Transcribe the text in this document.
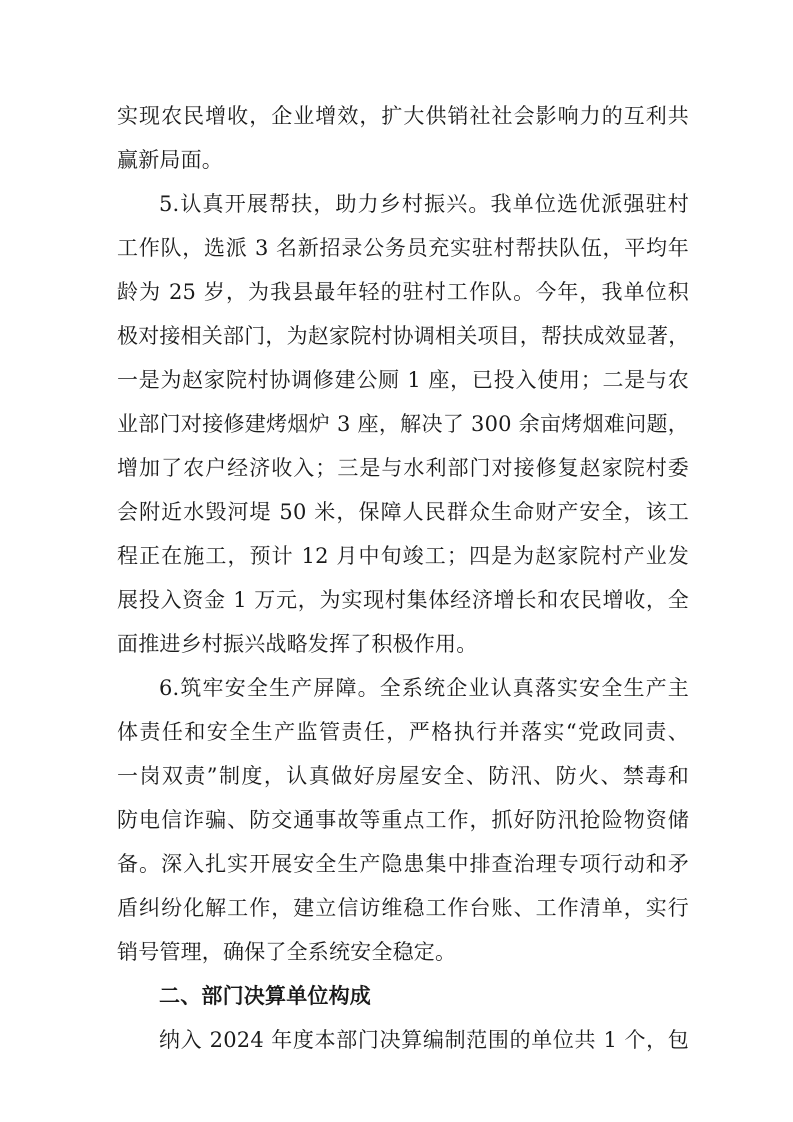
实现农民增收，企业增效，扩大供销社社会影响力的互利共
赢新局面。
5.认真开展帮扶，助力乡村振兴。我单位选优派强驻村
工作队，选派 3 名新招录公务员充实驻村帮扶队伍，平均年
龄为 25 岁，为我县最年轻的驻村工作队。今年，我单位积
极对接相关部门，为赵家院村协调相关项目，帮扶成效显著，
一是为赵家院村协调修建公厕 1 座，已投入使用；二是与农
业部门对接修建烤烟炉 3 座，解决了 300 余亩烤烟难问题，
增加了农户经济收入；三是与水利部门对接修复赵家院村委
会附近水毁河堤 50 米，保障人民群众生命财产安全，该工
程正在施工，预计 12 月中旬竣工；四是为赵家院村产业发
展投入资金 1 万元，为实现村集体经济增长和农民增收，全
面推进乡村振兴战略发挥了积极作用。
6.筑牢安全生产屏障。全系统企业认真落实安全生产主
体责任和安全生产监管责任，严格执行并落实“党政同责、
一岗双责”制度，认真做好房屋安全、防汛、防火、禁毒和
防电信诈骗、防交通事故等重点工作，抓好防汛抢险物资储
备。深入扎实开展安全生产隐患集中排查治理专项行动和矛
盾纠纷化解工作，建立信访维稳工作台账、工作清单，实行
销号管理，确保了全系统安全稳定。
二、部门决算单位构成
纳入 2024 年度本部门决算编制范围的单位共 1 个，包
